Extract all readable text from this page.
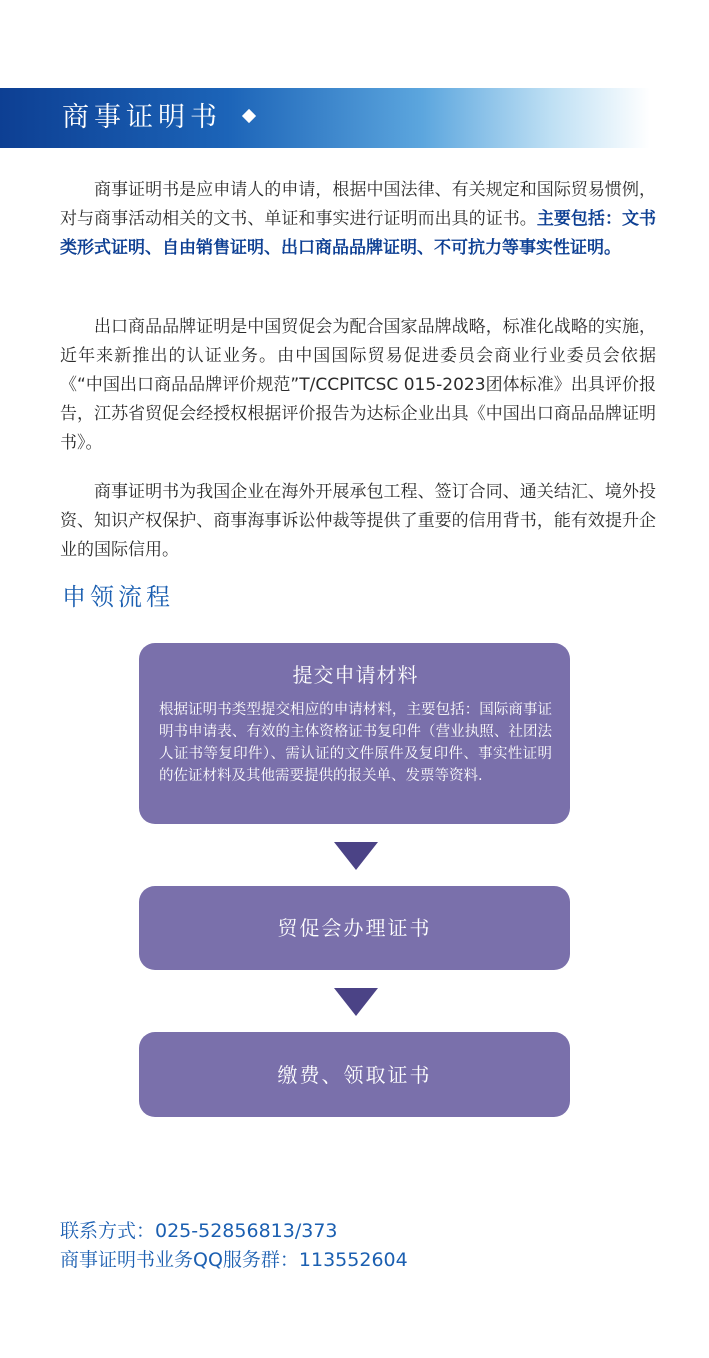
商事证明书

商事证明书是应申请人的申请，根据中国法律、有关规定和国际贸易惯例，对与商事活动相关的文书、单证和事实进行证明而出具的证书。主要包括：文书类形式证明、自由销售证明、出口商品品牌证明、不可抗力等事实性证明。

出口商品品牌证明是中国贸促会为配合国家品牌战略，标准化战略的实施，近年来新推出的认证业务。由中国国际贸易促进委员会商业行业委员会依据《“中国出口商品品牌评价规范”T/CCPITCSC 015-2023团体标准》出具评价报告，江苏省贸促会经授权根据评价报告为达标企业出具《中国出口商品品牌证明书》。

商事证明书为我国企业在海外开展承包工程、签订合同、通关结汇、境外投资、知识产权保护、商事海事诉讼仲裁等提供了重要的信用背书，能有效提升企业的国际信用。

申领流程
提交申请材料
根据证明书类型提交相应的申请材料，主要包括：国际商事证明书申请表、有效的主体资格证书复印件（营业执照、社团法人证书等复印件）、需认证的文件原件及复印件、事实性证明的佐证材料及其他需要提供的报关单、发票等资料.
贸促会办理证书
缴费、领取证书
联系方式：025-52856813/373
商事证明书业务QQ服务群：113552604
